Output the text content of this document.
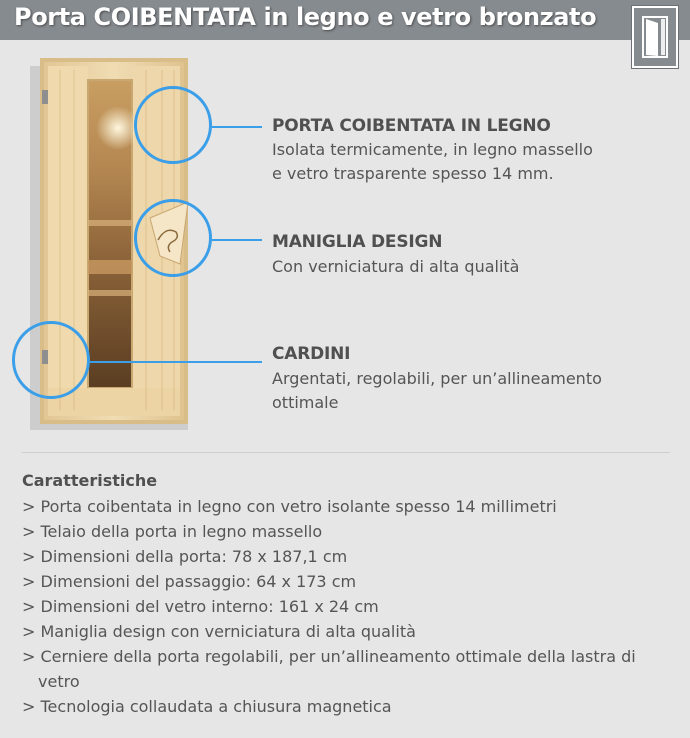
Porta COIBENTATA in legno e vetro bronzato
PORTA COIBENTATA IN LEGNO
Isolata termicamente, in legno massello
e vetro trasparente spesso 14 mm.
MANIGLIA DESIGN
Con verniciatura di alta qualità
CARDINI
Argentati, regolabili, per un’allineamento
ottimale
Caratteristiche
> Porta coibentata in legno con vetro isolante spesso 14 millimetri
> Telaio della porta in legno massello
> Dimensioni della porta: 78 x 187,1 cm
> Dimensioni del passaggio: 64 x 173 cm
> Dimensioni del vetro interno: 161 x 24 cm
> Maniglia design con verniciatura di alta qualità
> Cerniere della porta regolabili, per un’allineamento ottimale della lastra di vetro
> Tecnologia collaudata a chiusura magnetica
